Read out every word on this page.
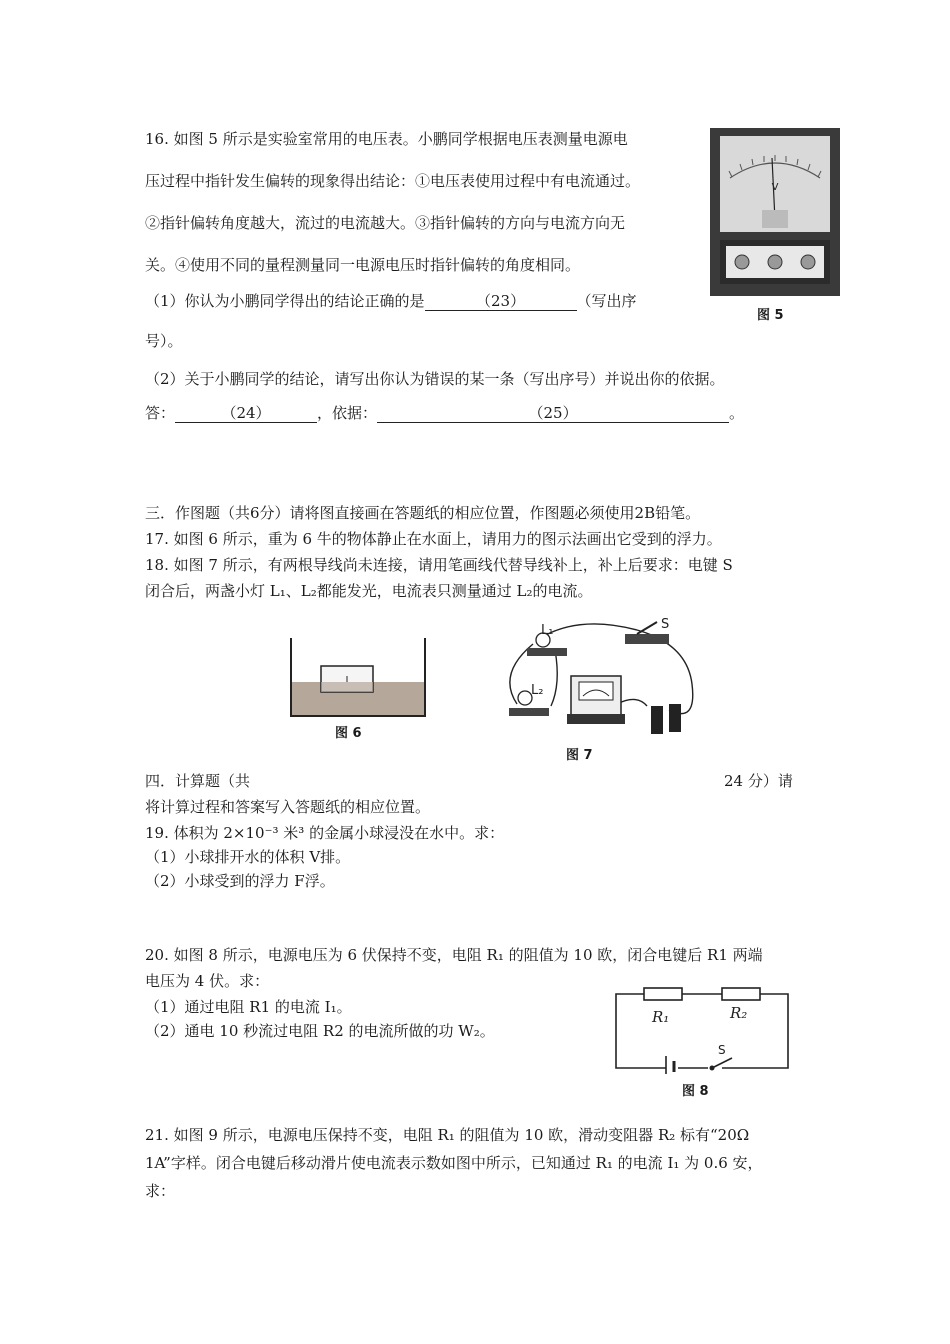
16. 如图 5 所示是实验室常用的电压表。小鹏同学根据电压表测量电源电
压过程中指针发生偏转的现象得出结论：①电压表使用过程中有电流通过。
②指针偏转角度越大，流过的电流越大。③指针偏转的方向与电流方向无
关。④使用不同的量程测量同一电源电压时指针偏转的角度相同。
（1）你认为小鹏同学得出的结论正确的是	（23）	（写出序
号）。
（2）关于小鹏同学的结论，请写出你认为错误的某一条（写出序号）并说出你的依据。
答：	（24）	，依据：	（25）	。
V
图 5
三．作图题（共6分）请将图直接画在答题纸的相应位置，作图题必须使用2B铅笔。
17. 如图 6 所示，重为 6 牛的物体静止在水面上，请用力的图示法画出它受到的浮力。
18. 如图 7 所示，有两根导线尚未连接，请用笔画线代替导线补上，补上后要求：电键 S
闭合后，两盏小灯 L₁、L₂都能发光，电流表只测量通过 L₂的电流。
图 6
L₁
L₂
S
图 7
四．计算题（共	24 分）请
将计算过程和答案写入答题纸的相应位置。
19. 体积为 2×10⁻³ 米³ 的金属小球浸没在水中。求：
（1）小球排开水的体积 V排。
（2）小球受到的浮力 F浮。
20. 如图 8 所示，电源电压为 6 伏保持不变，电阻 R₁ 的阻值为 10 欧，闭合电键后 R1 两端
电压为 4 伏。求：
（1）通过电阻 R1 的电流 I₁。
（2）通电 10 秒流过电阻 R2 的电流所做的功 W₂。
R₁	R₂
S
图 8
21. 如图 9 所示，电源电压保持不变，电阻 R₁ 的阻值为 10 欧，滑动变阻器 R₂ 标有“20Ω
1A”字样。闭合电键后移动滑片使电流表示数如图中所示，已知通过 R₁ 的电流 I₁ 为 0.6 安，
求：
